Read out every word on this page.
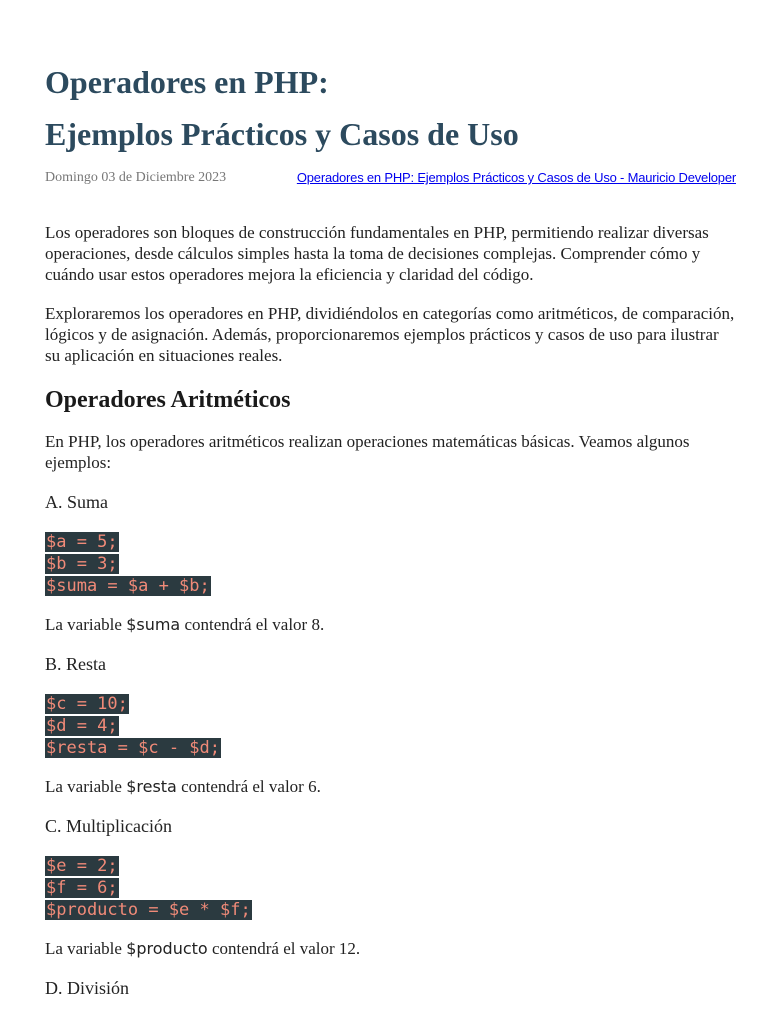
Operadores en PHP:
Ejemplos Prácticos y Casos de Uso
Domingo 03 de Diciembre 2023	Operadores en PHP: Ejemplos Prácticos y Casos de Uso - Mauricio Developer

Los operadores son bloques de construcción fundamentales en PHP, permitiendo realizar diversas operaciones, desde cálculos simples hasta la toma de decisiones complejas. Comprender cómo y cuándo usar estos operadores mejora la eficiencia y claridad del código.

Exploraremos los operadores en PHP, dividiéndolos en categorías como aritméticos, de comparación, lógicos y de asignación. Además, proporcionaremos ejemplos prácticos y casos de uso para ilustrar su aplicación en situaciones reales.

Operadores Aritméticos

En PHP, los operadores aritméticos realizan operaciones matemáticas básicas. Veamos algunos ejemplos:

A. Suma

$a = 5;
$b = 3;
$suma = $a + $b;

La variable $suma contendrá el valor 8.

B. Resta

$c = 10;
$d = 4;
$resta = $c - $d;

La variable $resta contendrá el valor 6.

C. Multiplicación

$e = 2;
$f = 6;
$producto = $e * $f;

La variable $producto contendrá el valor 12.

D. División
